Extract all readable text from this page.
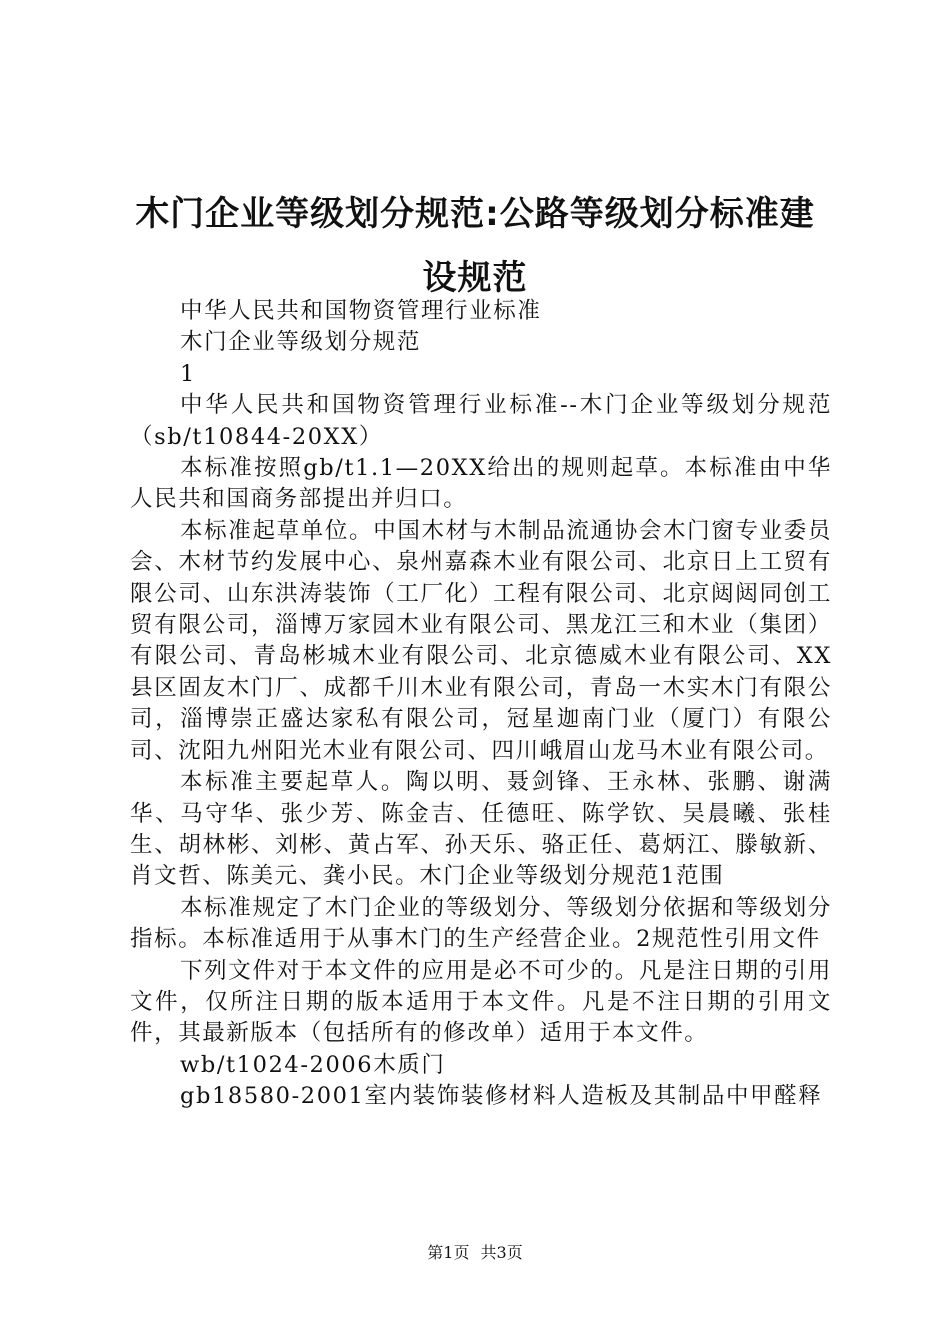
木门企业等级划分规范:公路等级划分标准建设规范

中华人民共和国物资管理行业标准

木门企业等级划分规范

1

中华人民共和国物资管理行业标准--木门企业等级划分规范（sb/t10844-20XX）

本标准按照gb/t1.1—20XX给出的规则起草。本标准由中华人民共和国商务部提出并归口。

本标准起草单位。中国木材与木制品流通协会木门窗专业委员会、木材节约发展中心、泉州嘉森木业有限公司、北京日上工贸有限公司、山东洪涛装饰（工厂化）工程有限公司、北京闼闼同创工贸有限公司，淄博万家园木业有限公司、黑龙江三和木业（集团）有限公司、青岛彬城木业有限公司、北京德威木业有限公司、XX县区固友木门厂、成都千川木业有限公司，青岛一木实木门有限公司，淄博崇正盛达家私有限公司，冠星迦南门业（厦门）有限公司、沈阳九州阳光木业有限公司、四川峨眉山龙马木业有限公司。

本标准主要起草人。陶以明、聂剑锋、王永林、张鹏、谢满华、马守华、张少芳、陈金吉、任德旺、陈学钦、吴晨曦、张桂生、胡林彬、刘彬、黄占军、孙天乐、骆正任、葛炳江、滕敏新、肖文哲、陈美元、龚小民。木门企业等级划分规范1范围

本标准规定了木门企业的等级划分、等级划分依据和等级划分指标。本标准适用于从事木门的生产经营企业。2规范性引用文件

下列文件对于本文件的应用是必不可少的。凡是注日期的引用文件，仅所注日期的版本适用于本文件。凡是不注日期的引用文件，其最新版本（包括所有的修改单）适用于本文件。

wb/t1024-2006木质门

gb18580-2001室内装饰装修材料人造板及其制品中甲醛释

第1页 共3页
